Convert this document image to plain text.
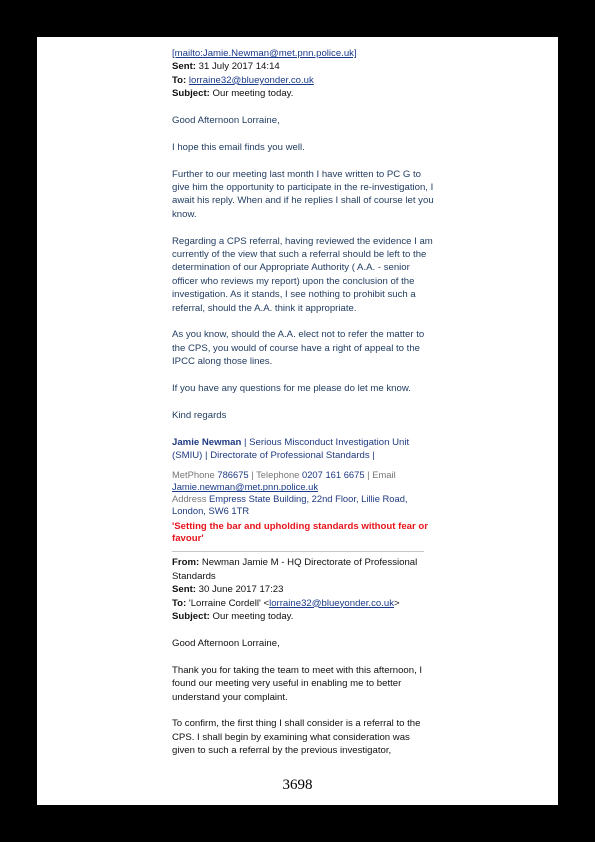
[mailto:Jamie.Newman@met.pnn.police.uk]
Sent: 31 July 2017 14:14
To: lorraine32@blueyonder.co.uk
Subject: Our meeting today.
Good Afternoon Lorraine,
I hope this email finds you well.
Further to our meeting last month I have written to PC G to give him the opportunity to participate in the re-investigation, I await his reply. When and if he replies I shall of course let you know.
Regarding a CPS referral, having reviewed the evidence I am currently of the view that such a referral should be left to the determination of our Appropriate Authority ( A.A. - senior officer who reviews my report) upon the conclusion of the investigation. As it stands, I see nothing to prohibit such a referral, should the A.A. think it appropriate.
As you know, should the A.A. elect not to refer the matter to the CPS, you would of course have a right of appeal to the IPCC along those lines.
If you have any questions for me please do let me know.
Kind regards
Jamie Newman | Serious Misconduct Investigation Unit (SMIU) | Directorate of Professional Standards |
MetPhone 786675 | Telephone 0207 161 6675 | Email Jamie.newman@met.pnn.police.uk
Address Empress State Building, 22nd Floor, Lillie Road, London, SW6 1TR
'Setting the bar and upholding standards without fear or favour'
From: Newman Jamie M - HQ Directorate of Professional Standards
Sent: 30 June 2017 17:23
To: 'Lorraine Cordell' <lorraine32@blueyonder.co.uk>
Subject: Our meeting today.
Good Afternoon Lorraine,
Thank you for taking the team to meet with this afternoon, I found our meeting very useful in enabling me to better understand your complaint.
To confirm, the first thing I shall consider is a referral to the CPS. I shall begin by examining what consideration was given to such a referral by the previous investigator,
3698
